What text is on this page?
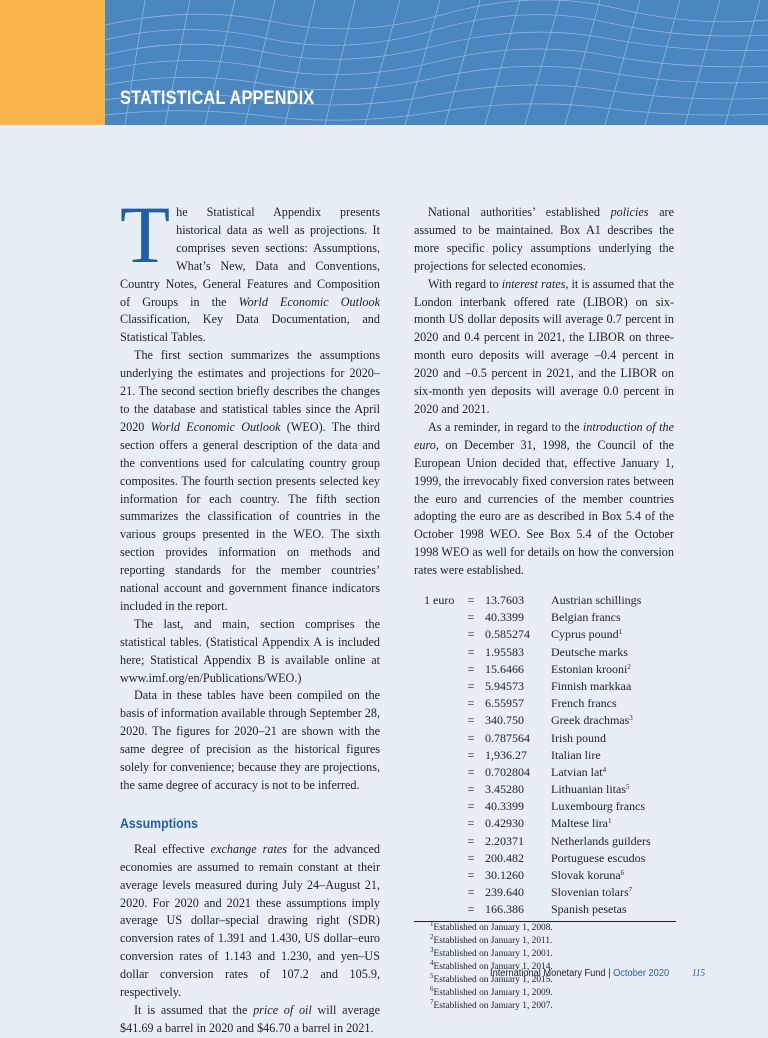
STATISTICAL APPENDIX

The Statistical Appendix presents historical data as well as projections. It comprises seven sections: Assumptions, What’s New, Data and Conventions, Country Notes, General Features and Composition of Groups in the World Economic Outlook Classification, Key Data Documentation, and Statistical Tables.

The first section summarizes the assumptions underlying the estimates and projections for 2020–21. The second section briefly describes the changes to the database and statistical tables since the April 2020 World Economic Outlook (WEO). The third section offers a general description of the data and the conventions used for calculating country group composites. The fourth section presents selected key information for each country. The fifth section summarizes the classification of countries in the various groups presented in the WEO. The sixth section provides information on methods and reporting standards for the member countries’ national account and government finance indicators included in the report.

The last, and main, section comprises the statistical tables. (Statistical Appendix A is included here; Statistical Appendix B is available online at www.imf.org/en/Publications/WEO.)

Data in these tables have been compiled on the basis of information available through September 28, 2020. The figures for 2020–21 are shown with the same degree of precision as the historical figures solely for convenience; because they are projections, the same degree of accuracy is not to be inferred.

Assumptions

Real effective exchange rates for the advanced economies are assumed to remain constant at their average levels measured during July 24–August 21, 2020. For 2020 and 2021 these assumptions imply average US dollar–special drawing right (SDR) conversion rates of 1.391 and 1.430, US dollar–euro conversion rates of 1.143 and 1.230, and yen–US dollar conversion rates of 107.2 and 105.9, respectively.

It is assumed that the price of oil will average $41.69 a barrel in 2020 and $46.70 a barrel in 2021.

National authorities’ established policies are assumed to be maintained. Box A1 describes the more specific policy assumptions underlying the projections for selected economies.

With regard to interest rates, it is assumed that the London interbank offered rate (LIBOR) on six-month US dollar deposits will average 0.7 percent in 2020 and 0.4 percent in 2021, the LIBOR on three-month euro deposits will average –0.4 percent in 2020 and –0.5 percent in 2021, and the LIBOR on six-month yen deposits will average 0.0 percent in 2020 and 2021.

As a reminder, in regard to the introduction of the euro, on December 31, 1998, the Council of the European Union decided that, effective January 1, 1999, the irrevocably fixed conversion rates between the euro and currencies of the member countries adopting the euro are as described in Box 5.4 of the October 1998 WEO. See Box 5.4 of the October 1998 WEO as well for details on how the conversion rates were established.

1 euro	= 13.7603	Austrian schillings
= 40.3399	Belgian francs
= 0.585274	Cyprus pound$^1$
= 1.95583	Deutsche marks
= 15.6466	Estonian krooni$^2$
= 5.94573	Finnish markkaa
= 6.55957	French francs
= 340.750	Greek drachmas$^3$
= 0.787564	Irish pound
= 1,936.27	Italian lire
= 0.702804	Latvian lat$^4$
= 3.45280	Lithuanian litas$^5$
= 40.3399	Luxembourg francs
= 0.42930	Maltese lira$^1$
= 2.20371	Netherlands guilders
= 200.482	Portuguese escudos
= 30.1260	Slovak koruna$^6$
= 239.640	Slovenian tolars$^7$
= 166.386	Spanish pesetas
$^1$Established on January 1, 2008.
$^2$Established on January 1, 2011.
$^3$Established on January 1, 2001.
$^4$Established on January 1, 2014.
$^5$Established on January 1, 2015.
$^6$Established on January 1, 2009.
$^7$Established on January 1, 2007.
International Monetary Fund | October 2020 115
